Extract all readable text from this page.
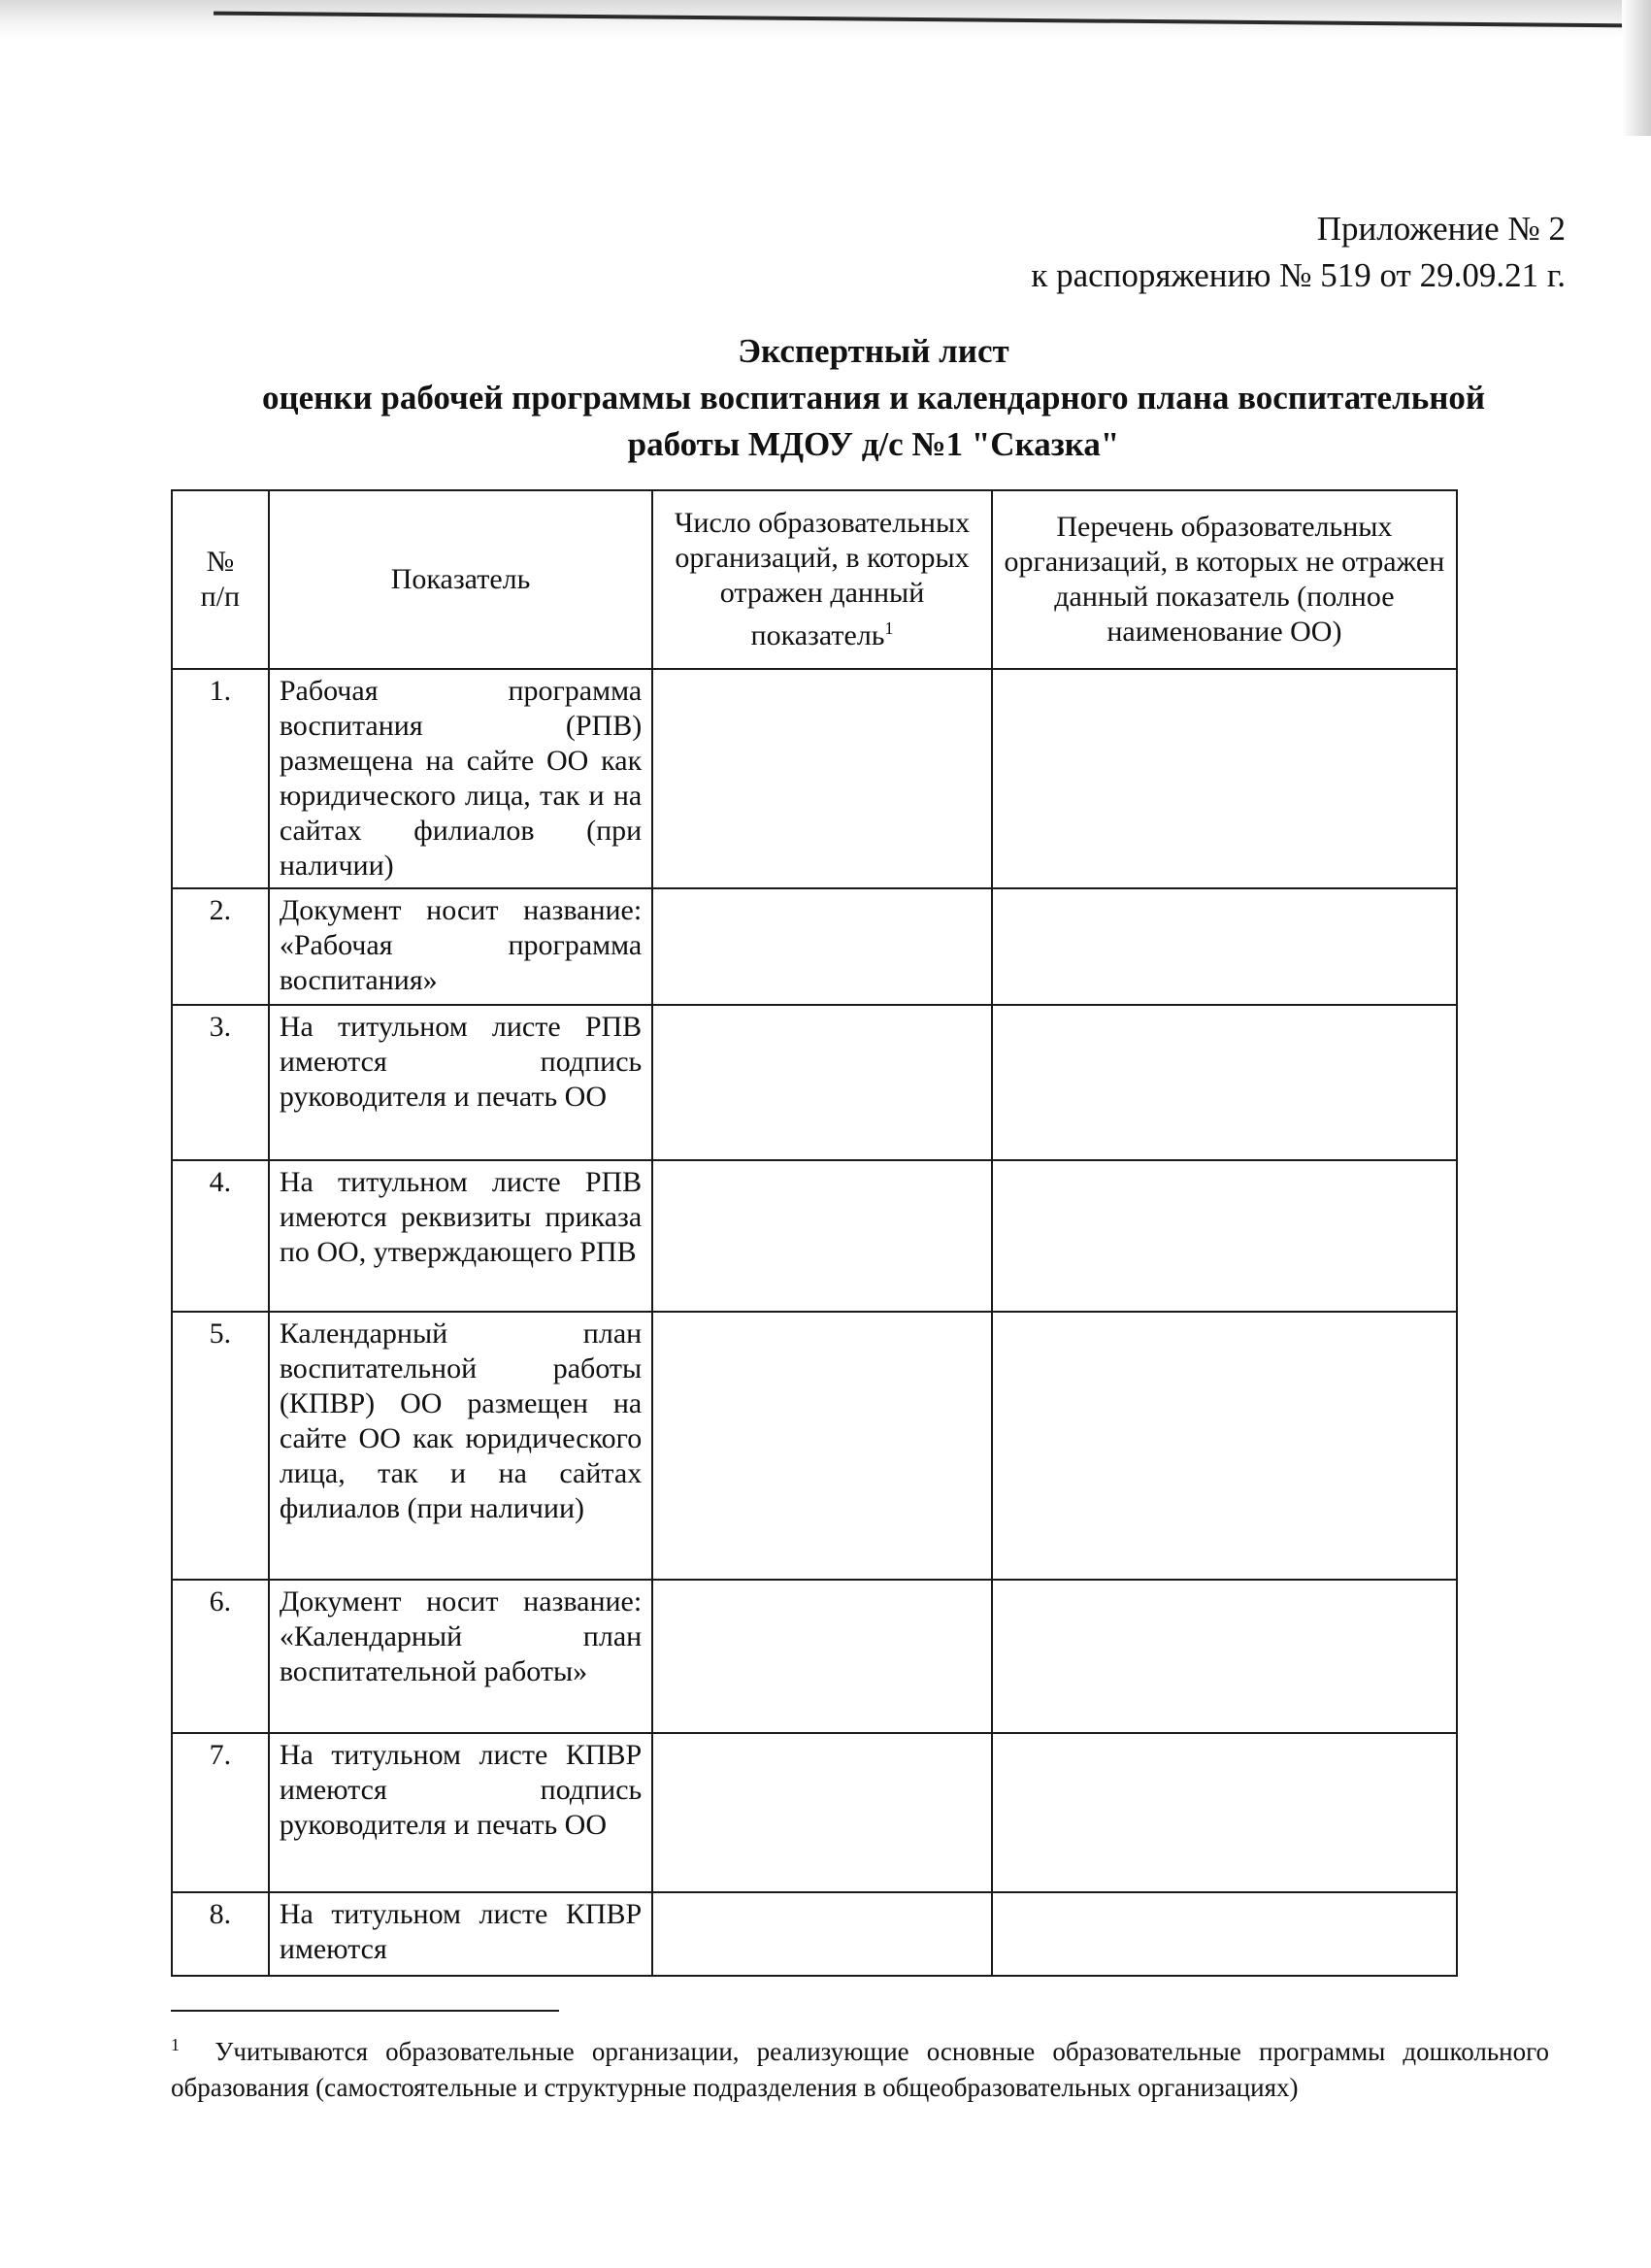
Приложение № 2
к распоряжению № 519 от 29.09.21 г.
Экспертный лист
оценки рабочей программы воспитания и календарного плана воспитательной
работы МДОУ д/с №1 "Сказка"
№
п/п	Показатель	Число образовательных организаций, в которых отражен данный показатель$^1$	Перечень образовательных организаций, в которых не отражен данный показатель (полное наименование ОО)
1.	Рабочая программа воспитания (РПВ) размещена на сайте ОО как юридического лица, так и на сайтах филиалов (при наличии)		
2.	Документ носит название: «Рабочая программа воспитания»		
3.	На титульном листе РПВ имеются подпись руководителя и печать ОО		
4.	На титульном листе РПВ имеются реквизиты приказа по ОО, утверждающего РПВ		
5.	Календарный план воспитательной работы (КПВР) ОО размещен на сайте ОО как юридического лица, так и на сайтах филиалов (при наличии)		
6.	Документ носит название: «Календарный план воспитательной работы»		
7.	На титульном листе КПВР имеются подпись руководителя и печать ОО		
8.	На титульном листе КПВР имеются		
$^1$ Учитываются образовательные организации, реализующие основные образовательные программы дошкольного образования (самостоятельные и структурные подразделения в общеобразовательных организациях)
